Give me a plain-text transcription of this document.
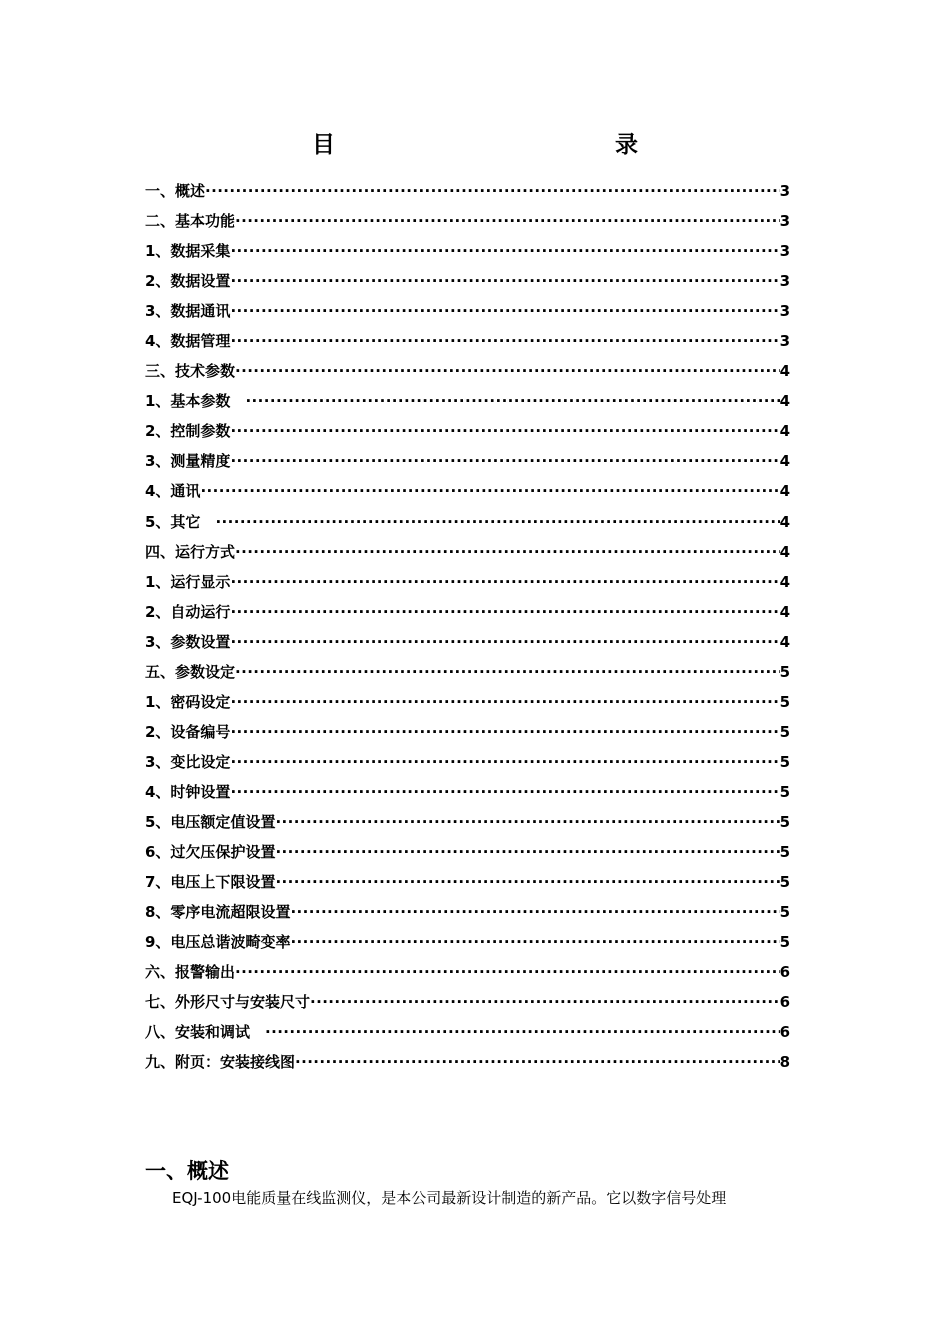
目　　录
一、概述 ·····	3
二、基本功能 ·····	3
1、数据采集 ·····	3
2、数据设置 ·····	3
3、数据通讯 ·····	3
4、数据管理 ·····	3
三、技术参数 ·····	4
1、基本参数　 ·····	4
2、控制参数 ·····	4
3、测量精度 ·····	4
4、通讯 ·····	4
5、其它　 ·····	4
四、运行方式 ·····	4
1、运行显示 ·····	4
2、自动运行 ·····	4
3、参数设置 ·····	4
五、参数设定 ·····	5
1、密码设定 ·····	5
2、设备编号 ·····	5
3、变比设定 ·····	5
4、时钟设置 ·····	5
5、电压额定值设置 ·····	5
6、过欠压保护设置 ·····	5
7、电压上下限设置 ·····	5
8、零序电流超限设置 ·····	5
9、电压总谐波畸变率 ·····	5
六、报警输出 ·····	6
七、外形尺寸与安装尺寸 ·····	6
八、安装和调试　 ·····	6
九、附页：安装接线图 ·····	8
一、概述

EQJ-100电能质量在线监测仪，是本公司最新设计制造的新产品。它以数字信号处理
